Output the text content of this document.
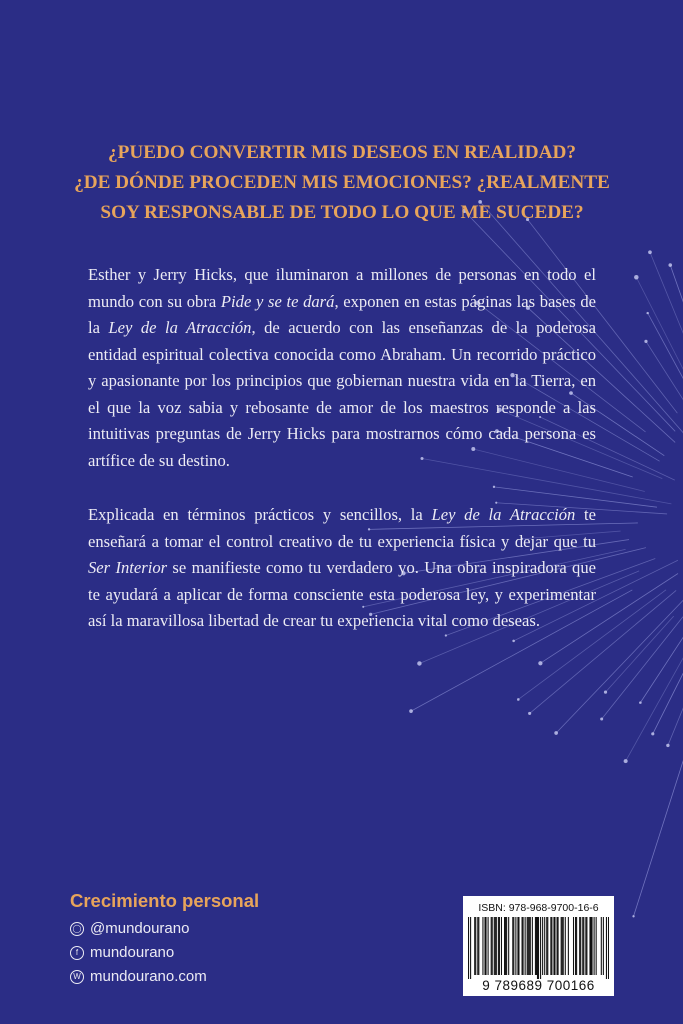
¿PUEDO CONVERTIR MIS DESEOS EN REALIDAD?
¿DE DÓNDE PROCEDEN MIS EMOCIONES? ¿REALMENTE
SOY RESPONSABLE DE TODO LO QUE ME SUCEDE?

Esther y Jerry Hicks, que iluminaron a millones de personas en todo el mundo con su obra Pide y se te dará, exponen en estas páginas las bases de la Ley de la Atracción, de acuerdo con las enseñanzas de la poderosa entidad espiritual colectiva conocida como Abraham. Un recorrido práctico y apasionante por los principios que gobiernan nuestra vida en la Tierra, en el que la voz sabia y rebosante de amor de los maestros responde a las intuitivas preguntas de Jerry Hicks para mostrarnos cómo cada persona es artífice de su destino.

Explicada en términos prácticos y sencillos, la Ley de la Atracción te enseñará a tomar el control creativo de tu experiencia física y dejar que tu Ser Interior se manifieste como tu verdadero yo. Una obra inspiradora que te ayudará a aplicar de forma consciente esta poderosa ley, y experimentar así la maravillosa libertad de crear tu experiencia vital como deseas.

Crecimiento personal

◯ @mundourano
f mundourano
W mundourano.com

ISBN: 978-968-9700-16-6

9 789689 700166
